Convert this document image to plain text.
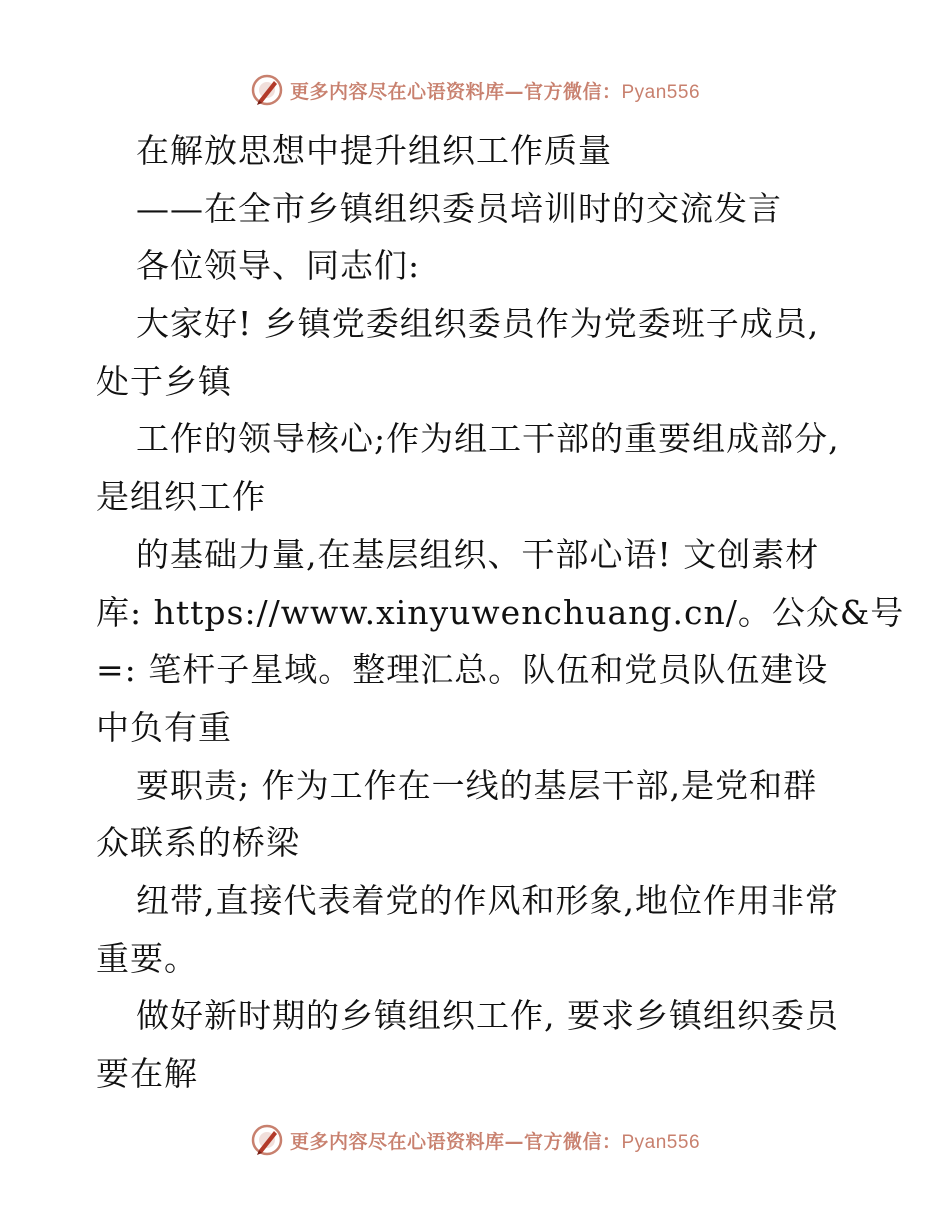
更多内容尽在心语资料库—官方微信：Pyan556
在解放思想中提升组织工作质量
——在全市乡镇组织委员培训时的交流发言
各位领导、同志们:
大家好! 乡镇党委组织委员作为党委班子成员,
处于乡镇
工作的领导核心;作为组工干部的重要组成部分,
是组织工作
的基础力量,在基层组织、干部心语! 文创素材
库: https://www.xinyuwenchuang.cn/。公众&号
=: 笔杆子星域。整理汇总。队伍和党员队伍建设
中负有重
要职责; 作为工作在一线的基层干部,是党和群
众联系的桥梁
纽带,直接代表着党的作风和形象,地位作用非常
重要。
做好新时期的乡镇组织工作, 要求乡镇组织委员
要在解
更多内容尽在心语资料库—官方微信：Pyan556
